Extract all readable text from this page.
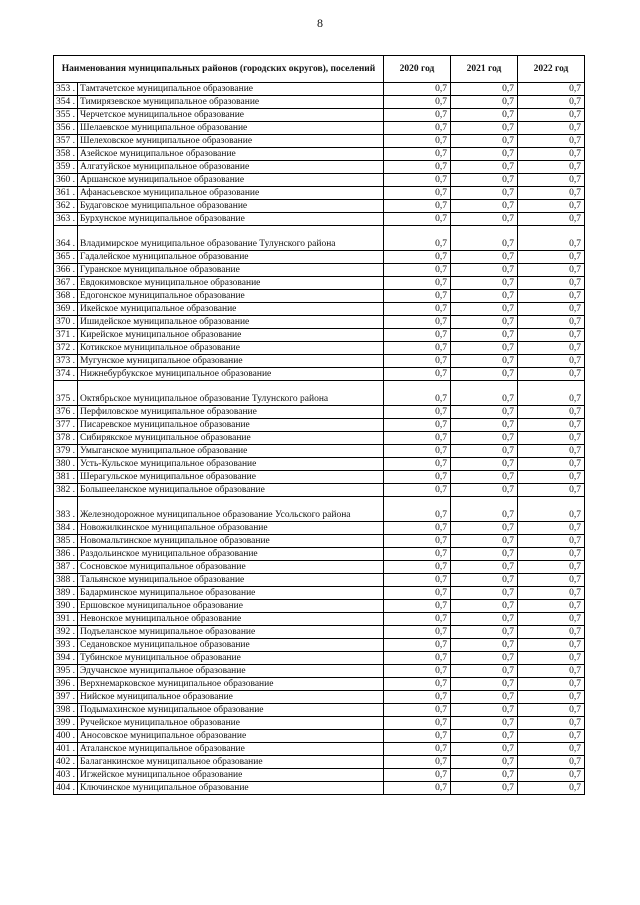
8
Наименования муниципальных районов (городских округов), поселений		2020 год	2021 год	2022 год
353 .	Тамтачетское муниципальное образование	0,7	0,7	0,7
354 .	Тимирязевское муниципальное образование	0,7	0,7	0,7
355 .	Черчетское муниципальное образование	0,7	0,7	0,7
356 .	Шелаевское муниципальное образование	0,7	0,7	0,7
357 .	Шелеховское муниципальное образование	0,7	0,7	0,7
358 .	Азейское муниципальное образование	0,7	0,7	0,7
359 .	Алгатуйское муниципальное образование	0,7	0,7	0,7
360 .	Аршанское муниципальное образование	0,7	0,7	0,7
361 .	Афанасьевское муниципальное образование	0,7	0,7	0,7
362 .	Будаговское муниципальное образование	0,7	0,7	0,7
363 .	Бурхунское муниципальное образование	0,7	0,7	0,7
364 .	Владимирское муниципальное образование Тулунского района	0,7	0,7	0,7
365 .	Гадалейское муниципальное образование	0,7	0,7	0,7
366 .	Гуранское муниципальное образование	0,7	0,7	0,7
367 .	Евдокимовское муниципальное образование	0,7	0,7	0,7
368 .	Едогонское муниципальное образование	0,7	0,7	0,7
369 .	Икейское муниципальное образование	0,7	0,7	0,7
370 .	Ишидейское муниципальное образование	0,7	0,7	0,7
371 .	Кирейское муниципальное образование	0,7	0,7	0,7
372 .	Котикское муниципальное образование	0,7	0,7	0,7
373 .	Мугунское муниципальное образование	0,7	0,7	0,7
374 .	Нижнебурбукское муниципальное образование	0,7	0,7	0,7
375 .	Октябрьское муниципальное образование Тулунского района	0,7	0,7	0,7
376 .	Перфиловское муниципальное образование	0,7	0,7	0,7
377 .	Писаревское муниципальное образование	0,7	0,7	0,7
378 .	Сибирякское муниципальное образование	0,7	0,7	0,7
379 .	Умыганское муниципальное образование	0,7	0,7	0,7
380 .	Усть-Кульское муниципальное образование	0,7	0,7	0,7
381 .	Шерагульское муниципальное образование	0,7	0,7	0,7
382 .	Большееланское муниципальное образование	0,7	0,7	0,7
383 .	Железнодорожное муниципальное образование Усольского района	0,7	0,7	0,7
384 .	Новожилкинское муниципальное образование	0,7	0,7	0,7
385 .	Новомальтинское муниципальное образование	0,7	0,7	0,7
386 .	Раздольинское муниципальное образование	0,7	0,7	0,7
387 .	Сосновское муниципальное образование	0,7	0,7	0,7
388 .	Тальянское муниципальное образование	0,7	0,7	0,7
389 .	Бадарминское муниципальное образование	0,7	0,7	0,7
390 .	Ершовское муниципальное образование	0,7	0,7	0,7
391 .	Невонское муниципальное образование	0,7	0,7	0,7
392 .	Подъеланское муниципальное образование	0,7	0,7	0,7
393 .	Седановское муниципальное образование	0,7	0,7	0,7
394 .	Тубинское муниципальное образование	0,7	0,7	0,7
395 .	Эдучанское муниципальное образование	0,7	0,7	0,7
396 .	Верхнемарковское муниципальное образование	0,7	0,7	0,7
397 .	Нийское муниципальное образование	0,7	0,7	0,7
398 .	Подымахинское муниципальное образование	0,7	0,7	0,7
399 .	Ручейское муниципальное образование	0,7	0,7	0,7
400 .	Аносовское муниципальное образование	0,7	0,7	0,7
401 .	Аталанское муниципальное образование	0,7	0,7	0,7
402 .	Балаганкинское муниципальное образование	0,7	0,7	0,7
403 .	Игжейское муниципальное образование	0,7	0,7	0,7
404 .	Ключинское муниципальное образование	0,7	0,7	0,7
